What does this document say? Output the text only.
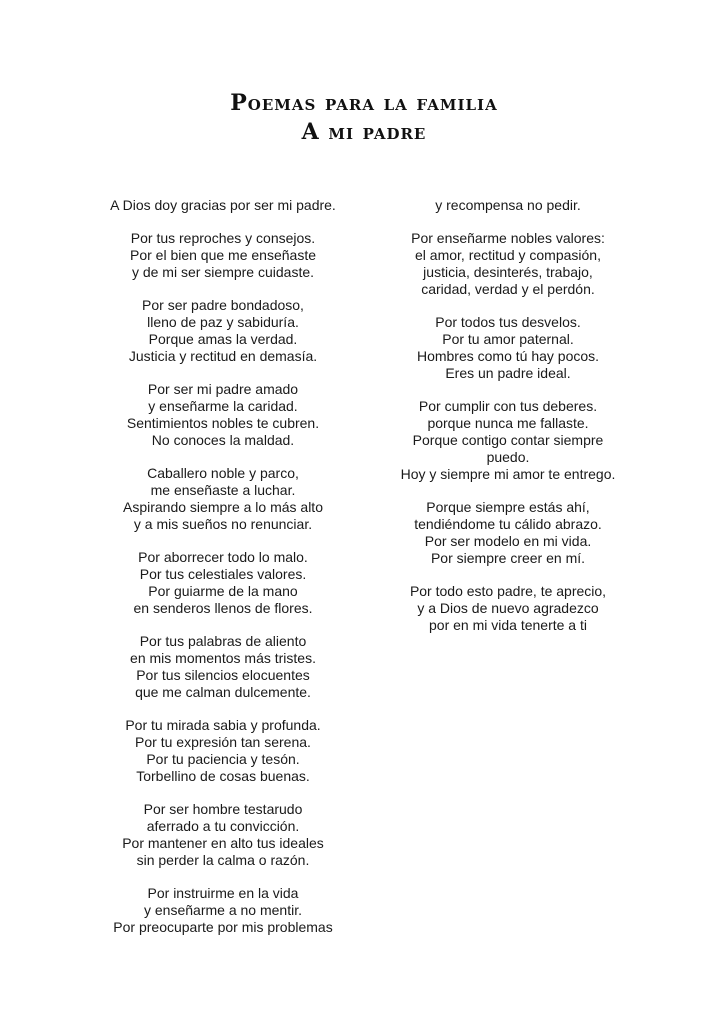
Poemas para la familia
A mi padre
A Dios doy gracias por ser mi padre.
Por tus reproches y consejos.
Por el bien que me enseñaste
y de mi ser siempre cuidaste.
Por ser padre bondadoso,
lleno de paz y sabiduría.
Porque amas la verdad.
Justicia y rectitud en demasía.
Por ser mi padre amado
y enseñarme la caridad.
Sentimientos nobles te cubren.
No conoces la maldad.
Caballero noble y parco,
me enseñaste a luchar.
Aspirando siempre a lo más alto
y a mis sueños no renunciar.
Por aborrecer todo lo malo.
Por tus celestiales valores.
Por guiarme de la mano
en senderos llenos de flores.
Por tus palabras de aliento
en mis momentos más tristes.
Por tus silencios elocuentes
que me calman dulcemente.
Por tu mirada sabia y profunda.
Por tu expresión tan serena.
Por tu paciencia y tesón.
Torbellino de cosas buenas.
Por ser hombre testarudo
aferrado a tu convicción.
Por mantener en alto tus ideales
sin perder la calma o razón.
Por instruirme en la vida
y enseñarme a no mentir.
Por preocuparte por mis problemas
y recompensa no pedir.
Por enseñarme nobles valores:
el amor, rectitud y compasión,
justicia, desinterés, trabajo,
caridad, verdad y el perdón.
Por todos tus desvelos.
Por tu amor paternal.
Hombres como tú hay pocos.
Eres un padre ideal.
Por cumplir con tus deberes.
porque nunca me fallaste.
Porque contigo contar siempre
puedo.
Hoy y siempre mi amor te entrego.
Porque siempre estás ahí,
tendiéndome tu cálido abrazo.
Por ser modelo en mi vida.
Por siempre creer en mí.
Por todo esto padre, te aprecio,
y a Dios de nuevo agradezco
por en mi vida tenerte a ti
